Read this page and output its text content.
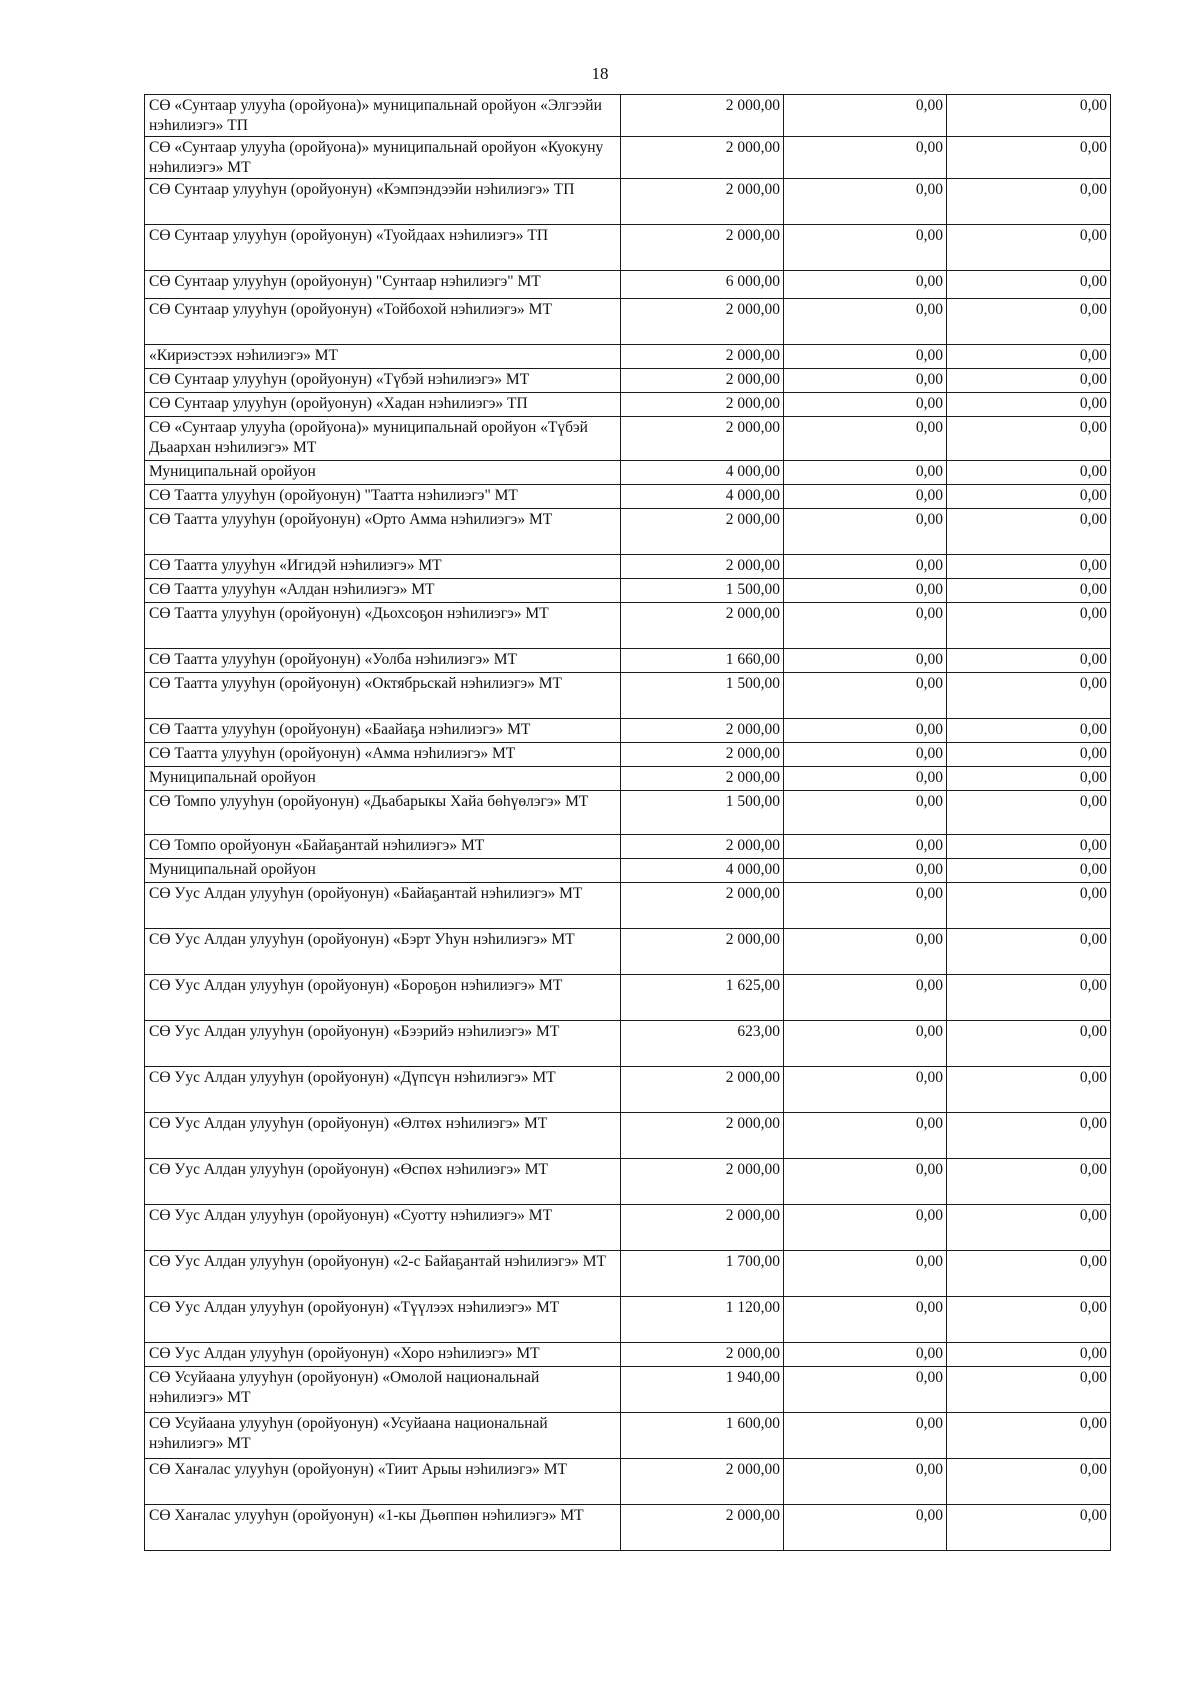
18
СӨ «Сунтаар улууһа (оройуона)» муниципальнай оройуон «Элгээйи нэһилиэгэ» ТП	2 000,00	0,00	0,00
СӨ «Сунтаар улууһа (оройуона)» муниципальнай оройуон «Куокуну нэһилиэгэ» МТ	2 000,00	0,00	0,00
СӨ Сунтаар улууһун (оройуонун) «Кэмпэндээйи нэһилиэгэ» ТП	2 000,00	0,00	0,00
СӨ Сунтаар улууһун (оройуонун) «Туойдаах нэһилиэгэ» ТП	2 000,00	0,00	0,00
СӨ Сунтаар улууһун (оройуонун) "Сунтаар нэһилиэгэ" МТ	6 000,00	0,00	0,00
СӨ Сунтаар улууһун (оройуонун) «Тойбохой нэһилиэгэ» МТ	2 000,00	0,00	0,00
«Кириэстээх нэһилиэгэ» МТ	2 000,00	0,00	0,00
СӨ Сунтаар улууһун (оройуонун) «Түбэй нэһилиэгэ» МТ	2 000,00	0,00	0,00
СӨ Сунтаар улууһун (оройуонун) «Хадан нэһилиэгэ» ТП	2 000,00	0,00	0,00
СӨ «Сунтаар улууһа (оройуона)» муниципальнай оройуон «Түбэй Дьаархан нэһилиэгэ» МТ	2 000,00	0,00	0,00
Муниципальнай оройуон	4 000,00	0,00	0,00
СӨ Таатта улууһун (оройуонун) "Таатта нэһилиэгэ" МТ	4 000,00	0,00	0,00
СӨ Таатта улууһун (оройуонун) «Орто Амма нэһилиэгэ» МТ	2 000,00	0,00	0,00
СӨ Таатта улууһун «Игидэй нэһилиэгэ» МТ	2 000,00	0,00	0,00
СӨ Таатта улууһун «Алдан нэһилиэгэ» МТ	1 500,00	0,00	0,00
СӨ Таатта улууһун (оройуонун) «Дьохсоҕон нэһилиэгэ» МТ	2 000,00	0,00	0,00
СӨ Таатта улууһун (оройуонун) «Уолба нэһилиэгэ» МТ	1 660,00	0,00	0,00
СӨ Таатта улууһун (оройуонун) «Октябрьскай нэһилиэгэ» МТ	1 500,00	0,00	0,00
СӨ Таатта улууһун (оройуонун) «Баайаҕа нэһилиэгэ» МТ	2 000,00	0,00	0,00
СӨ Таатта улууһун (оройуонун) «Амма нэһилиэгэ» МТ	2 000,00	0,00	0,00
Муниципальнай оройуон	2 000,00	0,00	0,00
СӨ Томпо улууһун (оройуонун) «Дьабарыкы Хайа бөһүөлэгэ» МТ	1 500,00	0,00	0,00
СӨ Томпо оройуонун «Байаҕантай нэһилиэгэ» МТ	2 000,00	0,00	0,00
Муниципальнай оройуон	4 000,00	0,00	0,00
СӨ Уус Алдан улууһун (оройуонун) «Байаҕантай нэһилиэгэ» МТ	2 000,00	0,00	0,00
СӨ Уус Алдан улууһун (оройуонун) «Бэрт Уһун нэһилиэгэ» МТ	2 000,00	0,00	0,00
СӨ Уус Алдан улууһун (оройуонун) «Бороҕон нэһилиэгэ» МТ	1 625,00	0,00	0,00
СӨ Уус Алдан улууһун (оройуонун) «Бээрийэ нэһилиэгэ» МТ	623,00	0,00	0,00
СӨ Уус Алдан улууһун (оройуонун) «Дүпсүн нэһилиэгэ» МТ	2 000,00	0,00	0,00
СӨ Уус Алдан улууһун (оройуонун) «Өлтөх нэһилиэгэ» МТ	2 000,00	0,00	0,00
СӨ Уус Алдан улууһун (оройуонун) «Өспөх нэһилиэгэ» МТ	2 000,00	0,00	0,00
СӨ Уус Алдан улууһун (оройуонун) «Суотту нэһилиэгэ» МТ	2 000,00	0,00	0,00
СӨ Уус Алдан улууһун (оройуонун) «2-с Байаҕантай нэһилиэгэ» МТ	1 700,00	0,00	0,00
СӨ Уус Алдан улууһун (оройуонун) «Түүлээх нэһилиэгэ» МТ	1 120,00	0,00	0,00
СӨ Уус Алдан улууһун (оройуонун) «Хоро нэһилиэгэ» МТ	2 000,00	0,00	0,00
СӨ Усуйаана улууһун (оройуонун) «Омолой национальнай нэһилиэгэ» МТ	1 940,00	0,00	0,00
СӨ Усуйаана улууһун (оройуонун) «Усуйаана национальнай нэһилиэгэ» МТ	1 600,00	0,00	0,00
СӨ Хаҥалас улууһун (оройуонун) «Тиит Арыы нэһилиэгэ» МТ	2 000,00	0,00	0,00
СӨ Хаҥалас улууһун (оройуонун) «1-кы Дьөппөн нэһилиэгэ» МТ	2 000,00	0,00	0,00
